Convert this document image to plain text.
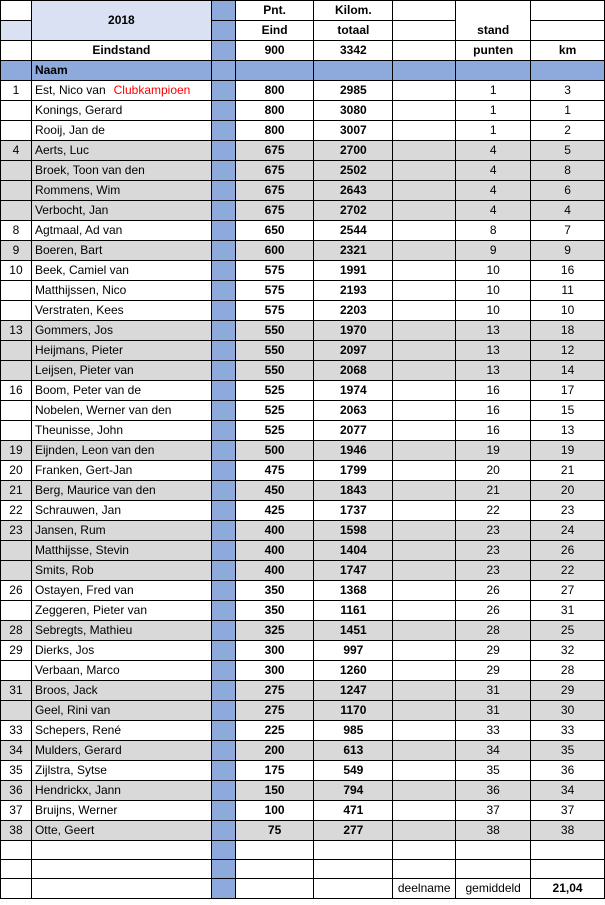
	2018		Pnt.	Kilom.		stand	
			Eind	totaal			
	Eindstand		900	3342		punten	km
	Naam						
1	Est, Nico van Clubkampioen		800	2985		1	3
	Konings, Gerard		800	3080		1	1
	Rooij, Jan de		800	3007		1	2
4	Aerts, Luc		675	2700		4	5
	Broek, Toon van den		675	2502		4	8
	Rommens, Wim		675	2643		4	6
	Verbocht, Jan		675	2702		4	4
8	Agtmaal, Ad van		650	2544		8	7
9	Boeren, Bart		600	2321		9	9
10	Beek, Camiel van		575	1991		10	16
	Matthijssen, Nico		575	2193		10	11
	Verstraten, Kees		575	2203		10	10
13	Gommers, Jos		550	1970		13	18
	Heijmans, Pieter		550	2097		13	12
	Leijsen, Pieter van		550	2068		13	14
16	Boom, Peter van de		525	1974		16	17
	Nobelen, Werner van den		525	2063		16	15
	Theunisse, John		525	2077		16	13
19	Eijnden, Leon van den		500	1946		19	19
20	Franken, Gert-Jan		475	1799		20	21
21	Berg, Maurice van den		450	1843		21	20
22	Schrauwen, Jan		425	1737		22	23
23	Jansen, Rum		400	1598		23	24
	Matthijsse, Stevin		400	1404		23	26
	Smits, Rob		400	1747		23	22
26	Ostayen, Fred van		350	1368		26	27
	Zeggeren, Pieter van		350	1161		26	31
28	Sebregts, Mathieu		325	1451		28	25
29	Dierks, Jos		300	997		29	32
	Verbaan, Marco		300	1260		29	28
31	Broos, Jack		275	1247		31	29
	Geel, Rini van		275	1170		31	30
33	Schepers, René		225	985		33	33
34	Mulders, Gerard		200	613		34	35
35	Zijlstra, Sytse		175	549		35	36
36	Hendrickx, Jann		150	794		36	34
37	Bruijns, Werner		100	471		37	37
38	Otte, Geert		75	277		38	38

					deelname	gemiddeld	21,04
